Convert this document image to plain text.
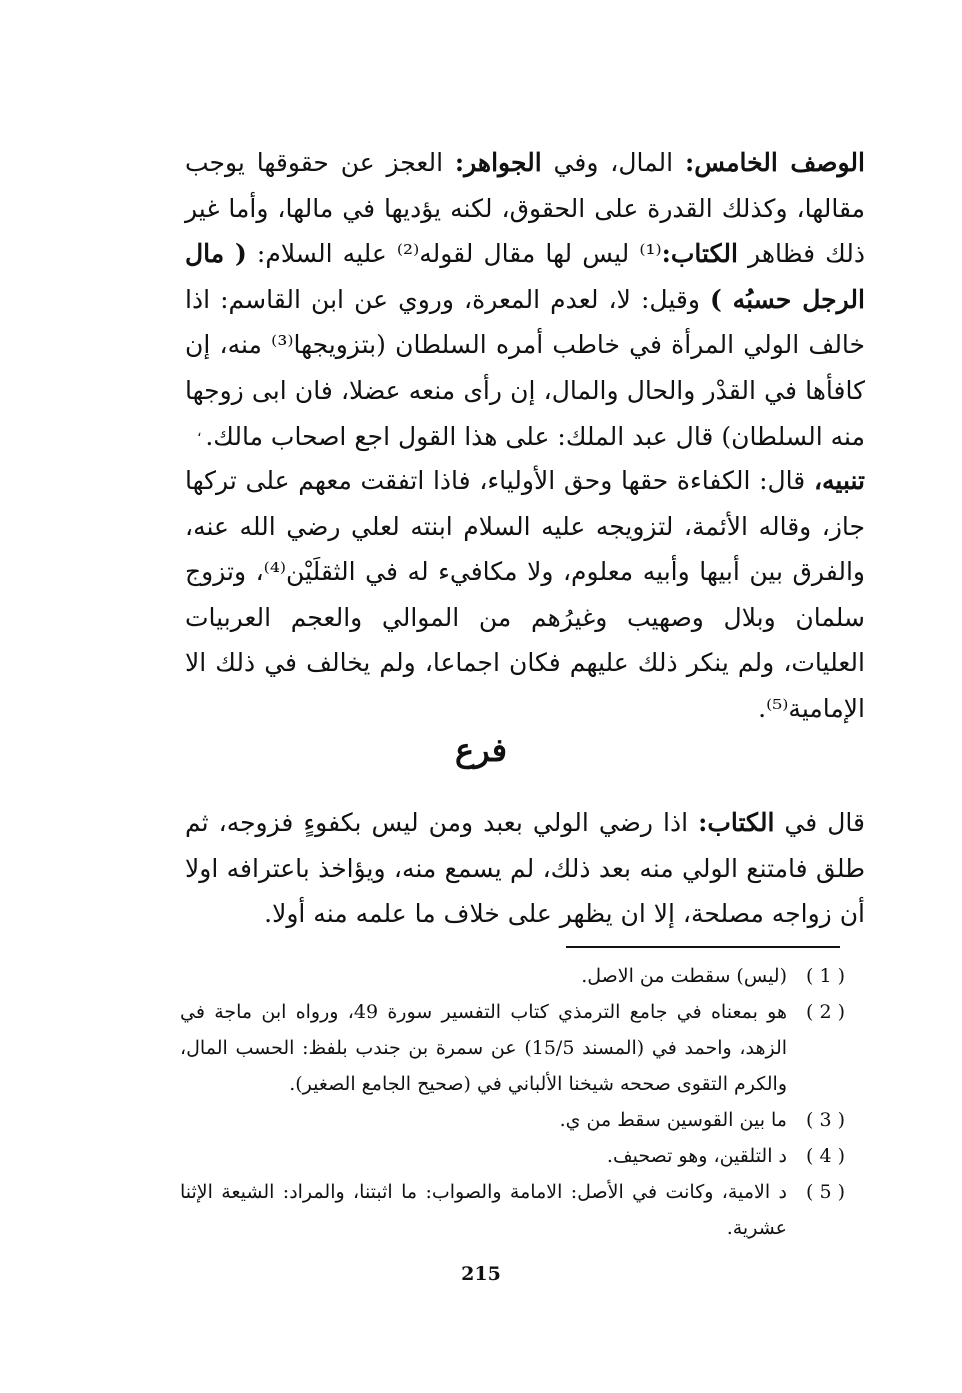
الوصف الخامس: المال، وفي الجواهر: العجز عن حقوقها يوجب مقالها، وكذلك القدرة على الحقوق، لكنه يؤديها في مالها، وأما غير ذلك فظاهر الكتاب:⁽¹⁾ ليس لها مقال لقوله⁽²⁾ عليه السلام: ( مال الرجل حسبُه ) وقيل: لا، لعدم المعرة، وروي عن ابن القاسم: اذا خالف الولي المرأة في خاطب أمره السلطان (بتزويجها⁽³⁾ منه، إن كافأها في القدْر والحال والمال، إن رأى منعه عضلا، فان ابى زوجها منه السلطان) قال عبد الملك: على هذا القول اجع اصحاب مالك.

،

تنبيه، قال: الكفاءة حقها وحق الأولياء، فاذا اتفقت معهم على تركها جاز، وقاله الأئمة، لتزويجه عليه السلام ابنته لعلي رضي الله عنه، والفرق بين أبيها وأبيه معلوم، ولا مكافيء له في الثقلَيْن⁽⁴⁾، وتزوج سلمان وبلال وصهيب وغيرُهم من الموالي والعجم العربيات العليات، ولم ينكر ذلك عليهم فكان اجماعا، ولم يخالف في ذلك الا الإمامية⁽⁵⁾.

فرع

قال في الكتاب: اذا رضي الولي بعبد ومن ليس بكفوءٍ فزوجه، ثم طلق فامتنع الولي منه بعد ذلك، لم يسمع منه، ويؤاخذ باعترافه اولا أن زواجه مصلحة، إلا ان يظهر على خلاف ما علمه منه أولا.

( 1 )
(ليس) سقطت من الاصل.
( 2 )
هو بمعناه في جامع الترمذي كتاب التفسير سورة 49، ورواه ابن ماجة في الزهد، واحمد في (المسند 15/5) عن سمرة بن جندب بلفظ: الحسب المال، والكرم التقوى صححه شيخنا الألباني في (صحيح الجامع الصغير).
( 3 )
ما بين القوسين سقط من ي.
( 4 )
د التلقين، وهو تصحيف.
( 5 )
د الامية، وكانت في الأصل: الامامة والصواب: ما اثبتنا، والمراد: الشيعة الإثنا عشرية.
215
